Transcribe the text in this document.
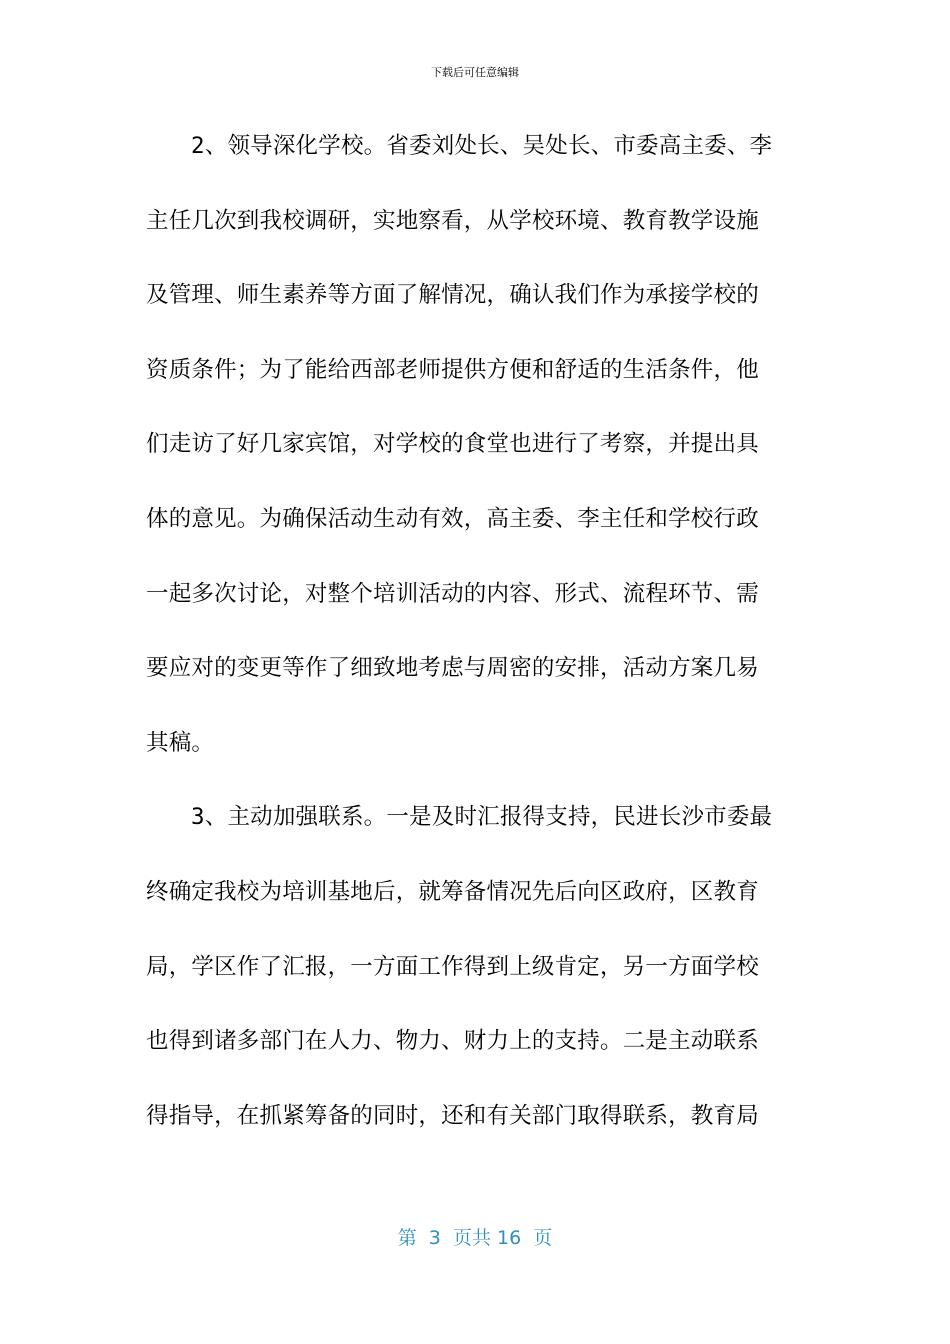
下载后可任意编辑
2、领导深化学校。省委刘处长、吴处长、市委高主委、李
主任几次到我校调研，实地察看，从学校环境、教育教学设施
及管理、师生素养等方面了解情况，确认我们作为承接学校的
资质条件；为了能给西部老师提供方便和舒适的生活条件，他
们走访了好几家宾馆，对学校的食堂也进行了考察，并提出具
体的意见。为确保活动生动有效，高主委、李主任和学校行政
一起多次讨论，对整个培训活动的内容、形式、流程环节、需
要应对的变更等作了细致地考虑与周密的安排，活动方案几易
其稿。
3、主动加强联系。一是及时汇报得支持，民进长沙市委最
终确定我校为培训基地后，就筹备情况先后向区政府，区教育
局，学区作了汇报，一方面工作得到上级肯定，另一方面学校
也得到诸多部门在人力、物力、财力上的支持。二是主动联系
得指导，在抓紧筹备的同时，还和有关部门取得联系，教育局
第  3  页共 16  页
